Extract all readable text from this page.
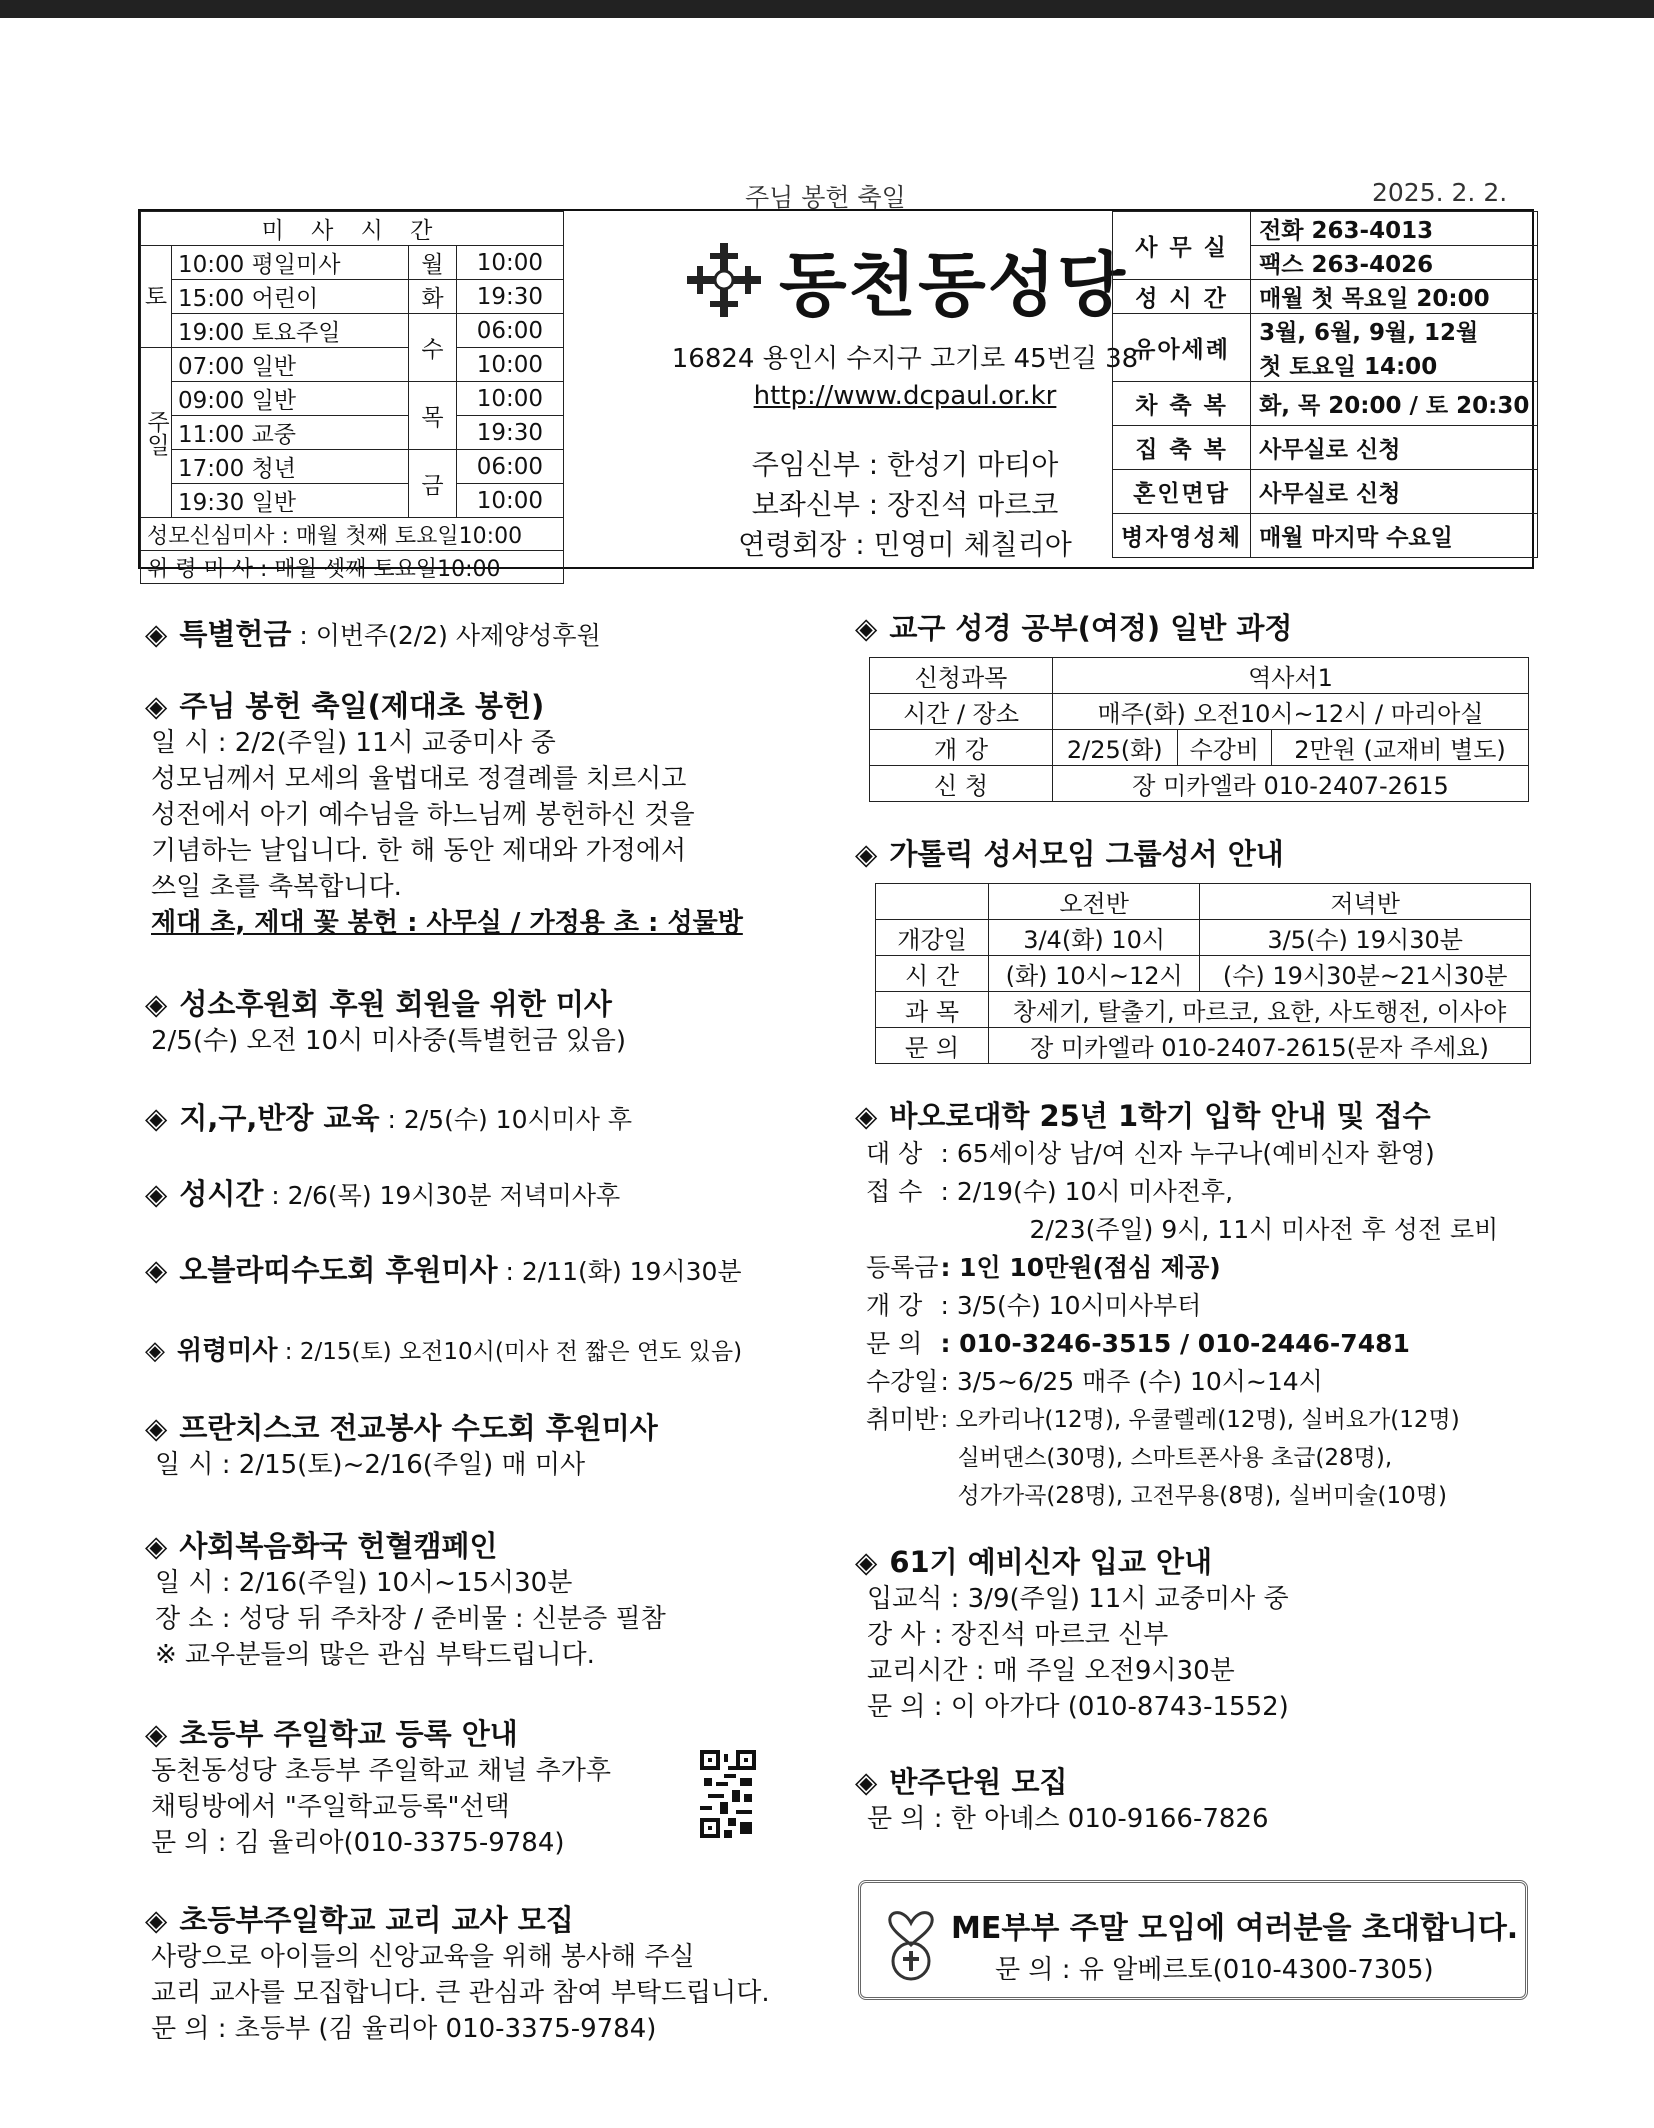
주님 봉헌 축일	2025. 2. 2.
미 사 시 간			
토	10:00 평일미사	월	10:00
	15:00 어린이	화	19:30
	19:00 토요주일	수	06:00
주일	07:00 일반		10:00
	09:00 일반	목	10:00
	11:00 교중		19:30
	17:00 청년	금	06:00
	19:30 일반		10:00
성모신심미사 : 매월 첫째 토요일10:00			
위 령 미 사 : 매월 셋째 토요일10:00			
동천동성당
16824 용인시 수지구 고기로 45번길 38
http://www.dcpaul.or.kr
주임신부 : 한성기 마티아
보좌신부 : 장진석 마르코
연령회장 : 민영미 체칠리아
사 무 실	전화 263-4013
	팩스 263-4026
성 시 간	매월 첫 목요일 20:00
유아세례	3월, 6월, 9월, 12월
	첫 토요일 14:00
차 축 복	화, 목 20:00 / 토 20:30
집 축 복	사무실로 신청
혼인면담	사무실로 신청
병자영성체	매월 마지막 수요일
◈ 특별헌금 : 이번주(2/2) 사제양성후원
◈ 주님 봉헌 축일(제대초 봉헌)
일 시 : 2/2(주일) 11시 교중미사 중
성모님께서 모세의 율법대로 정결례를 치르시고
성전에서 아기 예수님을 하느님께 봉헌하신 것을
기념하는 날입니다. 한 해 동안 제대와 가정에서
쓰일 초를 축복합니다.
제대 초, 제대 꽃 봉헌 : 사무실 / 가정용 초 : 성물방
◈ 성소후원회 후원 회원을 위한 미사
2/5(수) 오전 10시 미사중(특별헌금 있음)
◈ 지,구,반장 교육 : 2/5(수) 10시미사 후
◈ 성시간 : 2/6(목) 19시30분 저녁미사후
◈ 오블라띠수도회 후원미사 : 2/11(화) 19시30분
◈ 위령미사 : 2/15(토) 오전10시(미사 전 짧은 연도 있음)
◈ 프란치스코 전교봉사 수도회 후원미사
일 시 : 2/15(토)~2/16(주일) 매 미사
◈ 사회복음화국 헌혈캠페인
일 시 : 2/16(주일) 10시~15시30분
장 소 : 성당 뒤 주차장 / 준비물 : 신분증 필참
※ 교우분들의 많은 관심 부탁드립니다.
◈ 초등부 주일학교 등록 안내
동천동성당 초등부 주일학교 채널 추가후
채팅방에서 "주일학교등록"선택
문 의 : 김 율리아(010-3375-9784)
◈ 초등부주일학교 교리 교사 모집
사랑으로 아이들의 신앙교육을 위해 봉사해 주실
교리 교사를 모집합니다. 큰 관심과 참여 부탁드립니다.
문 의 : 초등부 (김 율리아 010-3375-9784)
◈ 교구 성경 공부(여정) 일반 과정
신청과목	역사서1		
시간 / 장소	매주(화) 오전10시~12시 / 마리아실		
개 강	2/25(화)	수강비	2만원 (교재비 별도)
신 청	장 미카엘라 010-2407-2615		
◈ 가톨릭 성서모임 그룹성서 안내
	오전반	저녁반
개강일	3/4(화) 10시	3/5(수) 19시30분
시 간	(화) 10시~12시	(수) 19시30분~21시30분
과 목	창세기, 탈출기, 마르코, 요한, 사도행전, 이사야	
문 의	장 미카엘라 010-2407-2615(문자 주세요)	
◈ 바오로대학 25년 1학기 입학 안내 및 접수
대 상	: 65세이상 남/여 신자 누구나(예비신자 환영)
접 수	: 2/19(수) 10시 미사전후,
	2/23(주일) 9시, 11시 미사전 후 성전 로비
등록금	: 1인 10만원(점심 제공)
개 강	: 3/5(수) 10시미사부터
문 의	: 010-3246-3515 / 010-2446-7481
수강일	: 3/5~6/25 매주 (수) 10시~14시
취미반	: 오카리나(12명), 우쿨렐레(12명), 실버요가(12명)
	실버댄스(30명), 스마트폰사용 초급(28명),
	성가가곡(28명), 고전무용(8명), 실버미술(10명)
◈ 61기 예비신자 입교 안내
입교식 : 3/9(주일) 11시 교중미사 중
강 사 : 장진석 마르코 신부
교리시간 : 매 주일 오전9시30분
문 의 : 이 아가다 (010-8743-1552)
◈ 반주단원 모집
문 의 : 한 아녜스 010-9166-7826
ME부부 주말 모임에 여러분을 초대합니다.
문 의 : 유 알베르토(010-4300-7305)
